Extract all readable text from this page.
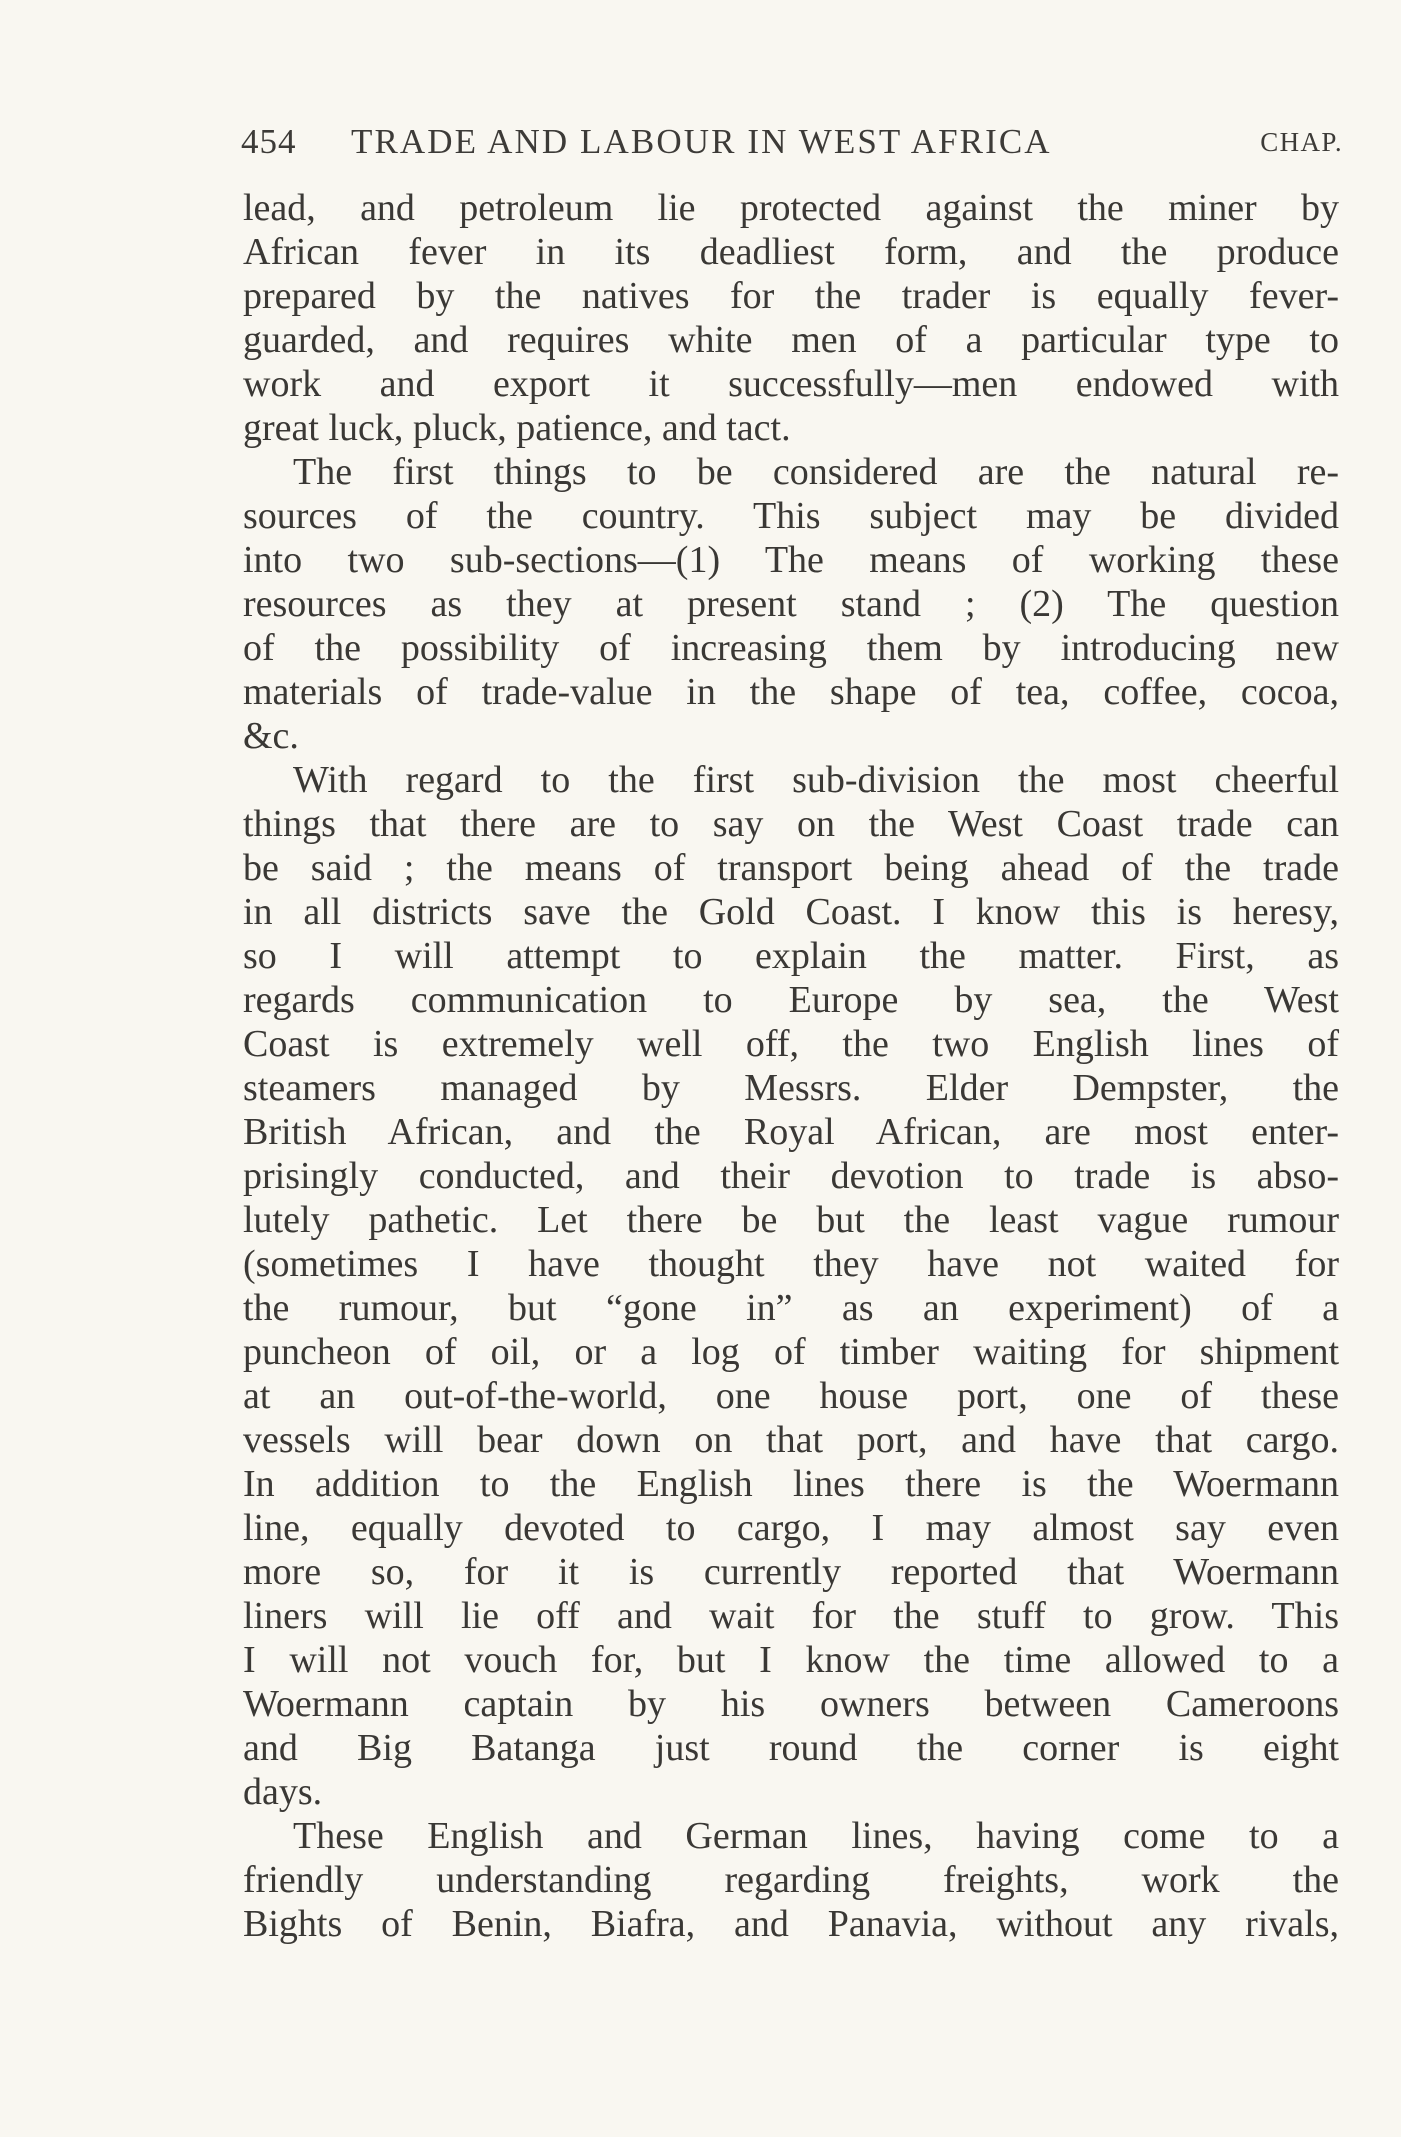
454 TRADE AND LABOUR IN WEST AFRICA	CHAP.
lead, and petroleum lie protected against the miner by
African fever in its deadliest form, and the produce
prepared by the natives for the trader is equally fever-
guarded, and requires white men of a particular type to
work and export it successfully—men endowed with
great luck, pluck, patience, and tact.
The first things to be considered are the natural re-
sources of the country. This subject may be divided
into two sub-sections—(1) The means of working these
resources as they at present stand ; (2) The question
of the possibility of increasing them by introducing new
materials of trade-value in the shape of tea, coffee, cocoa,
&c.
With regard to the first sub-division the most cheerful
things that there are to say on the West Coast trade can
be said ; the means of transport being ahead of the trade
in all districts save the Gold Coast. I know this is heresy,
so I will attempt to explain the matter. First, as
regards communication to Europe by sea, the West
Coast is extremely well off, the two English lines of
steamers managed by Messrs. Elder Dempster, the
British African, and the Royal African, are most enter-
prisingly conducted, and their devotion to trade is abso-
lutely pathetic. Let there be but the least vague rumour
(sometimes I have thought they have not waited for
the rumour, but “gone in” as an experiment) of a
puncheon of oil, or a log of timber waiting for shipment
at an out-of-the-world, one house port, one of these
vessels will bear down on that port, and have that cargo.
In addition to the English lines there is the Woermann
line, equally devoted to cargo, I may almost say even
more so, for it is currently reported that Woermann
liners will lie off and wait for the stuff to grow. This
I will not vouch for, but I know the time allowed to a
Woermann captain by his owners between Cameroons
and Big Batanga just round the corner is eight
days.
These English and German lines, having come to a
friendly understanding regarding freights, work the
Bights of Benin, Biafra, and Panavia, without any rivals,
